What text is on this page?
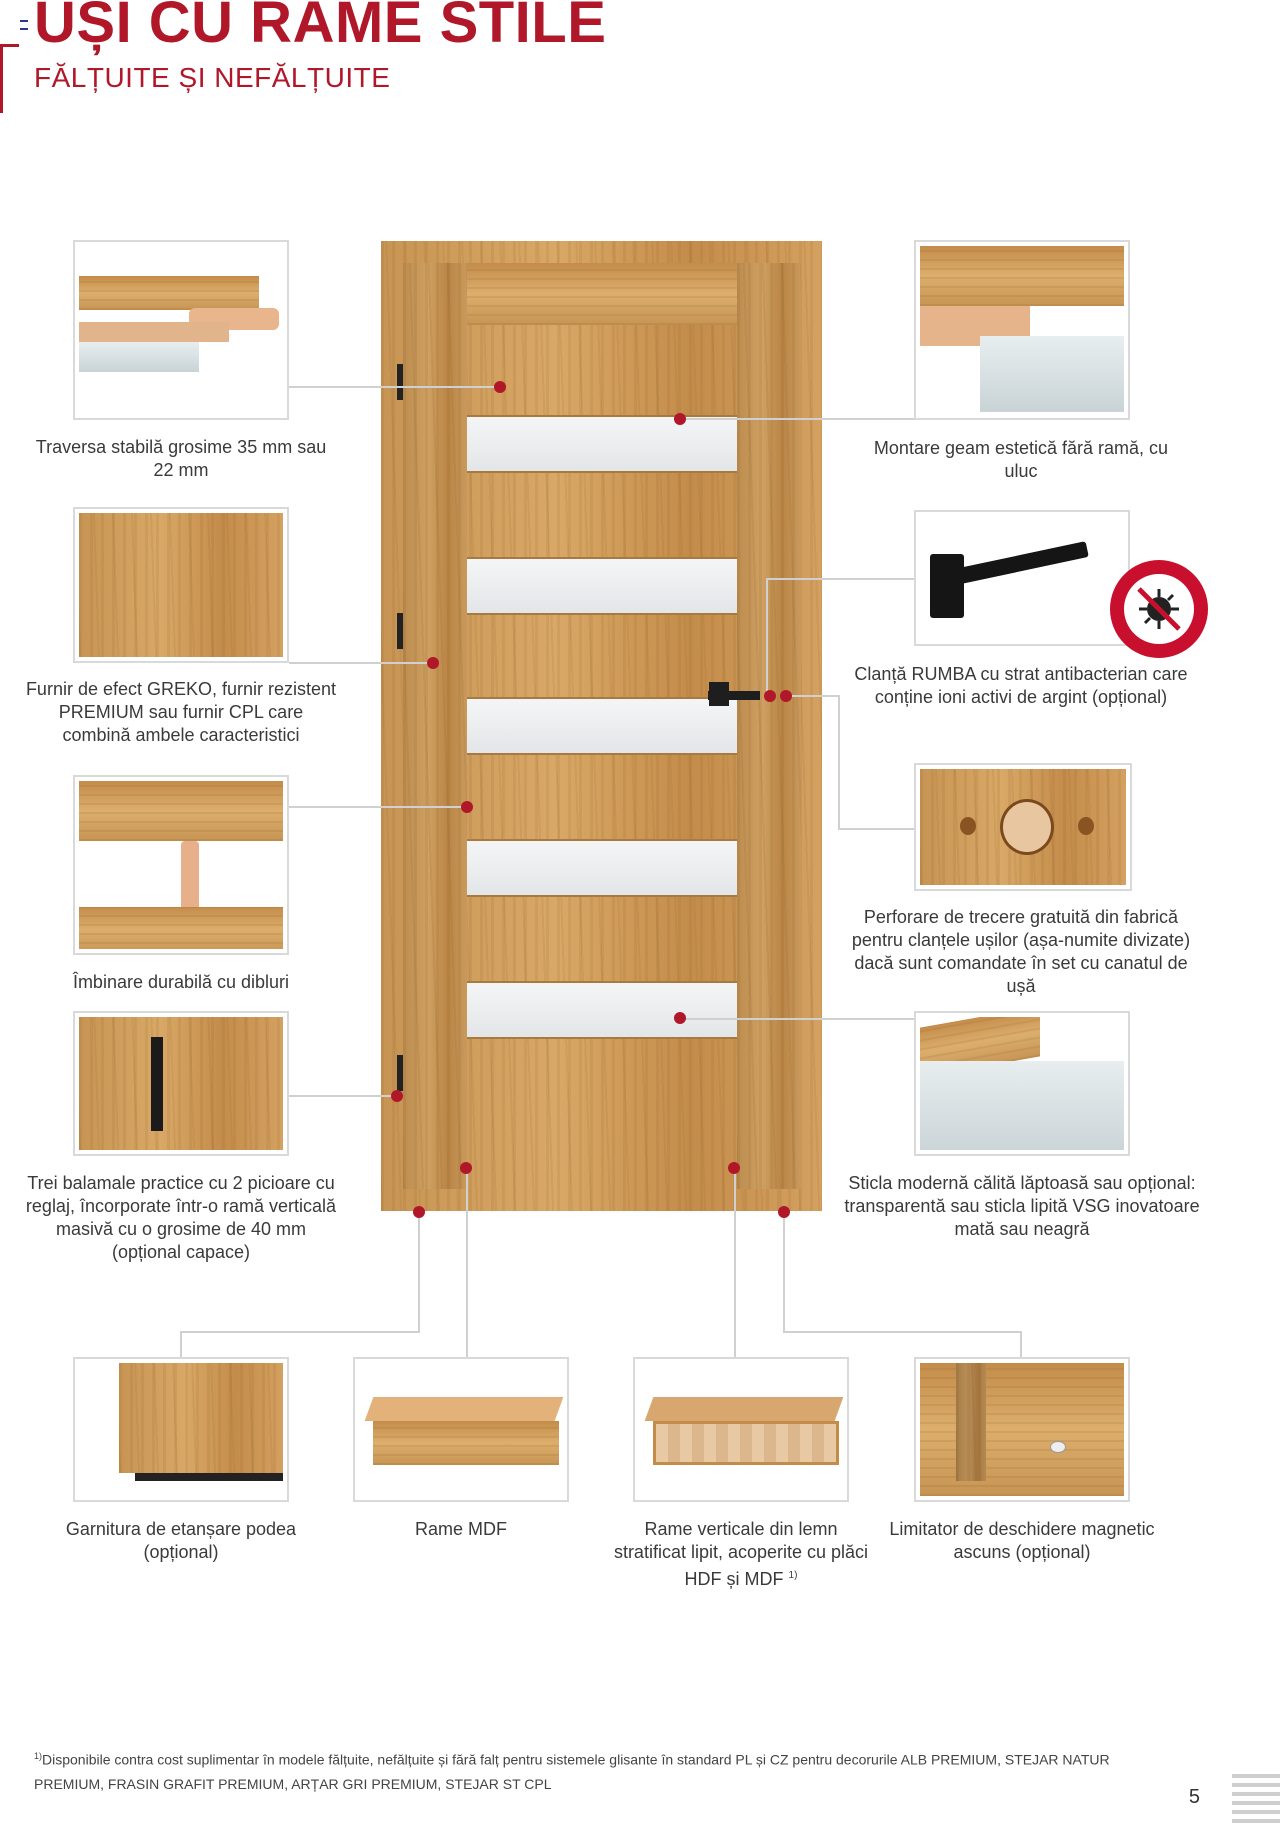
UȘI CU RAME STILE
FĂLȚUITE ȘI NEFĂLȚUITE
Traversa stabilă grosime 35 mm sau 22 mm
Furnir de efect GREKO, furnir rezistent PREMIUM sau furnir CPL care combină ambele caracteristici
Îmbinare durabilă cu dibluri
Trei balamale practice cu 2 picioare cu reglaj, încorporate într-o ramă verticală masivă cu o grosime de 40 mm (opțional capace)
Montare geam estetică fără ramă, cu uluc
Clanță RUMBA cu strat antibacterian care conține ioni activi de argint (opțional)
Perforare de trecere gratuită din fabrică pentru clanțele ușilor (așa-numite divizate) dacă sunt comandate în set cu canatul de ușă
Sticla modernă călită lăptoasă sau opțional: transparentă sau sticla lipită VSG inovatoare mată sau neagră
Garnitura de etanșare podea (opțional)
Rame MDF	Rame verticale din lemn stratificat lipit, acoperite cu plăci HDF și MDF $^{1)}$
Limitator de deschidere magnetic ascuns (opțional)
$^{1)}$Disponibile contra cost suplimentar în modele fălțuite, nefălțuite și fără falț pentru sistemele glisante în standard PL și CZ pentru decorurile ALB PREMIUM, STEJAR NATUR PREMIUM, FRASIN GRAFIT PREMIUM, ARȚAR GRI PREMIUM, STEJAR ST CPL
5
